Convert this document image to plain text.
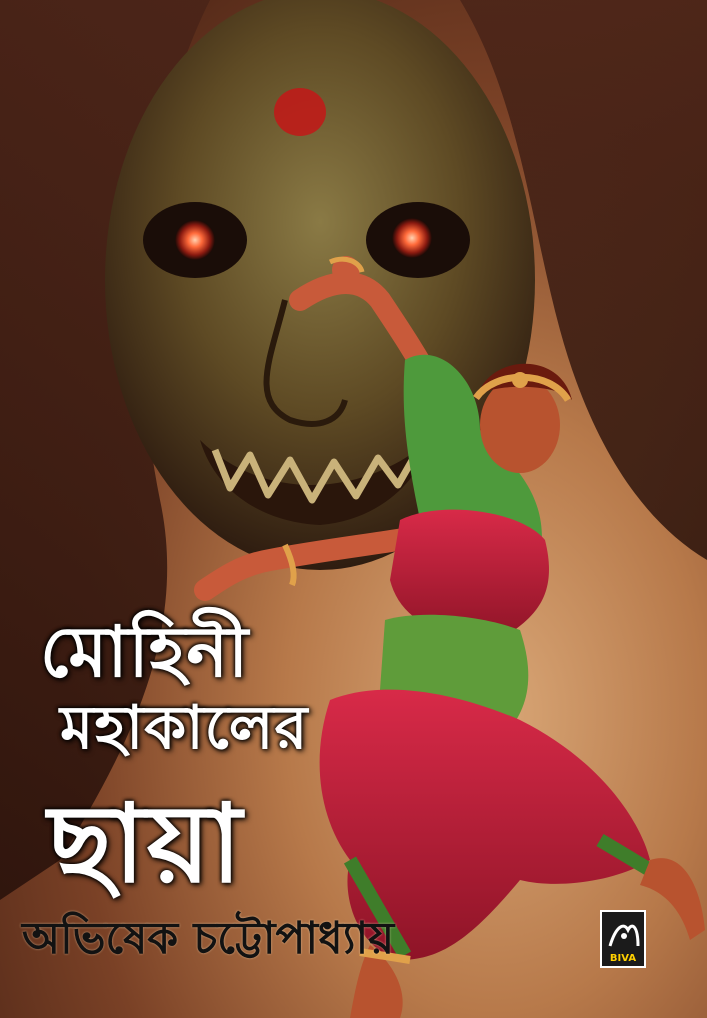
মোহিনী
মহাকালের
ছায়া
অভিষেক চট্টোপাধ্যায়	BIVA
